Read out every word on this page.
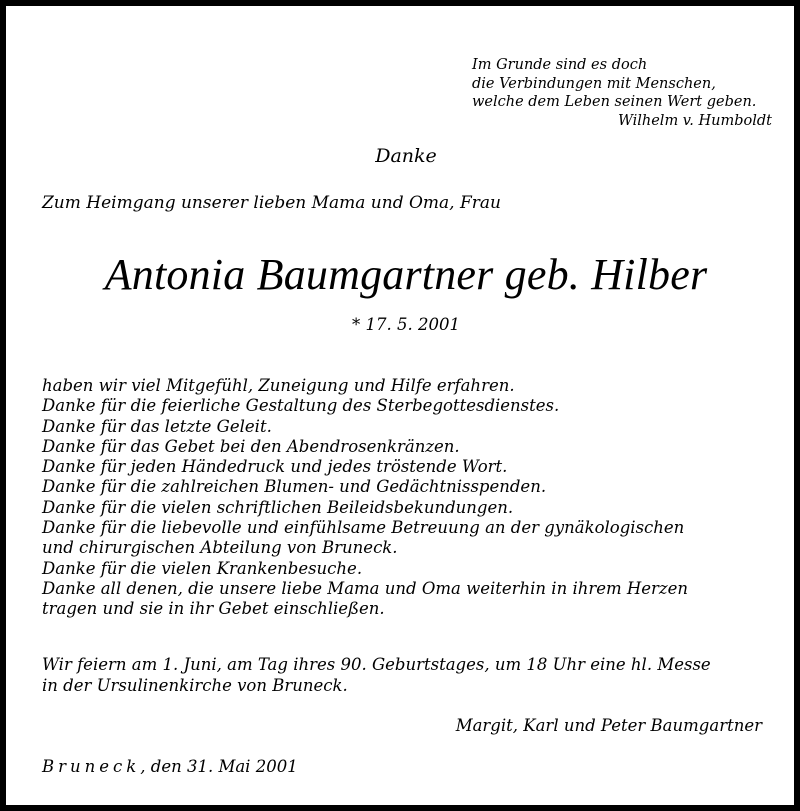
Im Grunde sind es doch
die Verbindungen mit Menschen,
welche dem Leben seinen Wert geben.
Wilhelm v. Humboldt
Danke
Zum Heimgang unserer lieben Mama und Oma, Frau
Antonia Baumgartner geb. Hilber
* 17. 5. 2001
haben wir viel Mitgefühl, Zuneigung und Hilfe erfahren.
Danke für die feierliche Gestaltung des Sterbegottesdienstes.
Danke für das letzte Geleit.
Danke für das Gebet bei den Abendrosenkränzen.
Danke für jeden Händedruck und jedes tröstende Wort.
Danke für die zahlreichen Blumen- und Gedächtnisspenden.
Danke für die vielen schriftlichen Beileidsbekundungen.
Danke für die liebevolle und einfühlsame Betreuung an der gynäkologischen
und chirurgischen Abteilung von Bruneck.
Danke für die vielen Krankenbesuche.
Danke all denen, die unsere liebe Mama und Oma weiterhin in ihrem Herzen
tragen und sie in ihr Gebet einschließen.
Wir feiern am 1. Juni, am Tag ihres 90. Geburtstages, um 18 Uhr eine hl. Messe
in der Ursulinenkirche von Bruneck.
Margit, Karl und Peter Baumgartner
Bruneck, den 31. Mai 2001
